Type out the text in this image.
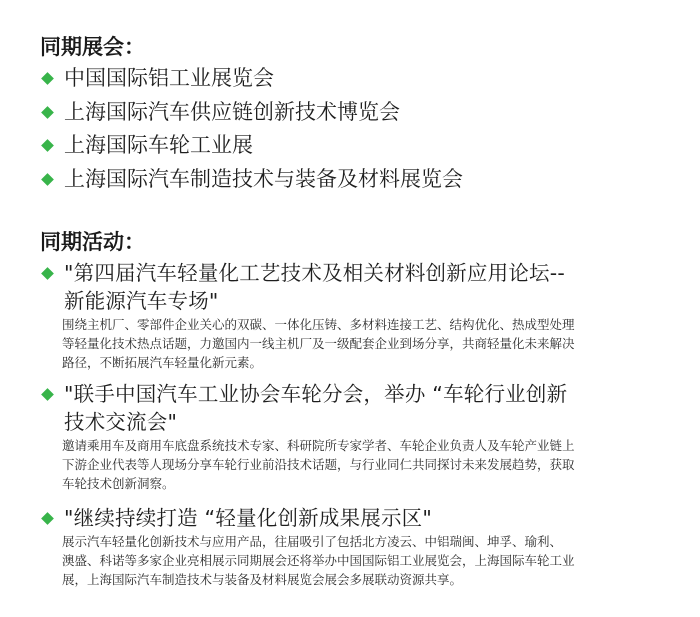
同期展会：
中国国际铝工业展览会
上海国际汽车供应链创新技术博览会
上海国际车轮工业展
上海国际汽车制造技术与装备及材料展览会
同期活动：
"第四届汽车轻量化工艺技术及相关材料创新应用论坛--
新能源汽车专场"
围绕主机厂、零部件企业关心的双碳、一体化压铸、多材料连接工艺、结构优化、热成型处理
等轻量化技术热点话题，力邀国内一线主机厂及一级配套企业到场分享，共商轻量化未来解决
路径，不断拓展汽车轻量化新元素。
"联手中国汽车工业协会车轮分会，举办 “车轮行业创新
技术交流会"
邀请乘用车及商用车底盘系统技术专家、科研院所专家学者、车轮企业负责人及车轮产业链上
下游企业代表等人现场分享车轮行业前沿技术话题，与行业同仁共同探讨未来发展趋势，获取
车轮技术创新洞察。
"继续持续打造 “轻量化创新成果展示区"
展示汽车轻量化创新技术与应用产品，往届吸引了包括北方凌云、中铝瑞闽、坤孚、瑜利、
澳盛、科诺等多家企业亮相展示同期展会还将举办中国国际铝工业展览会，上海国际车轮工业
展，上海国际汽车制造技术与装备及材料展览会展会多展联动资源共享。
